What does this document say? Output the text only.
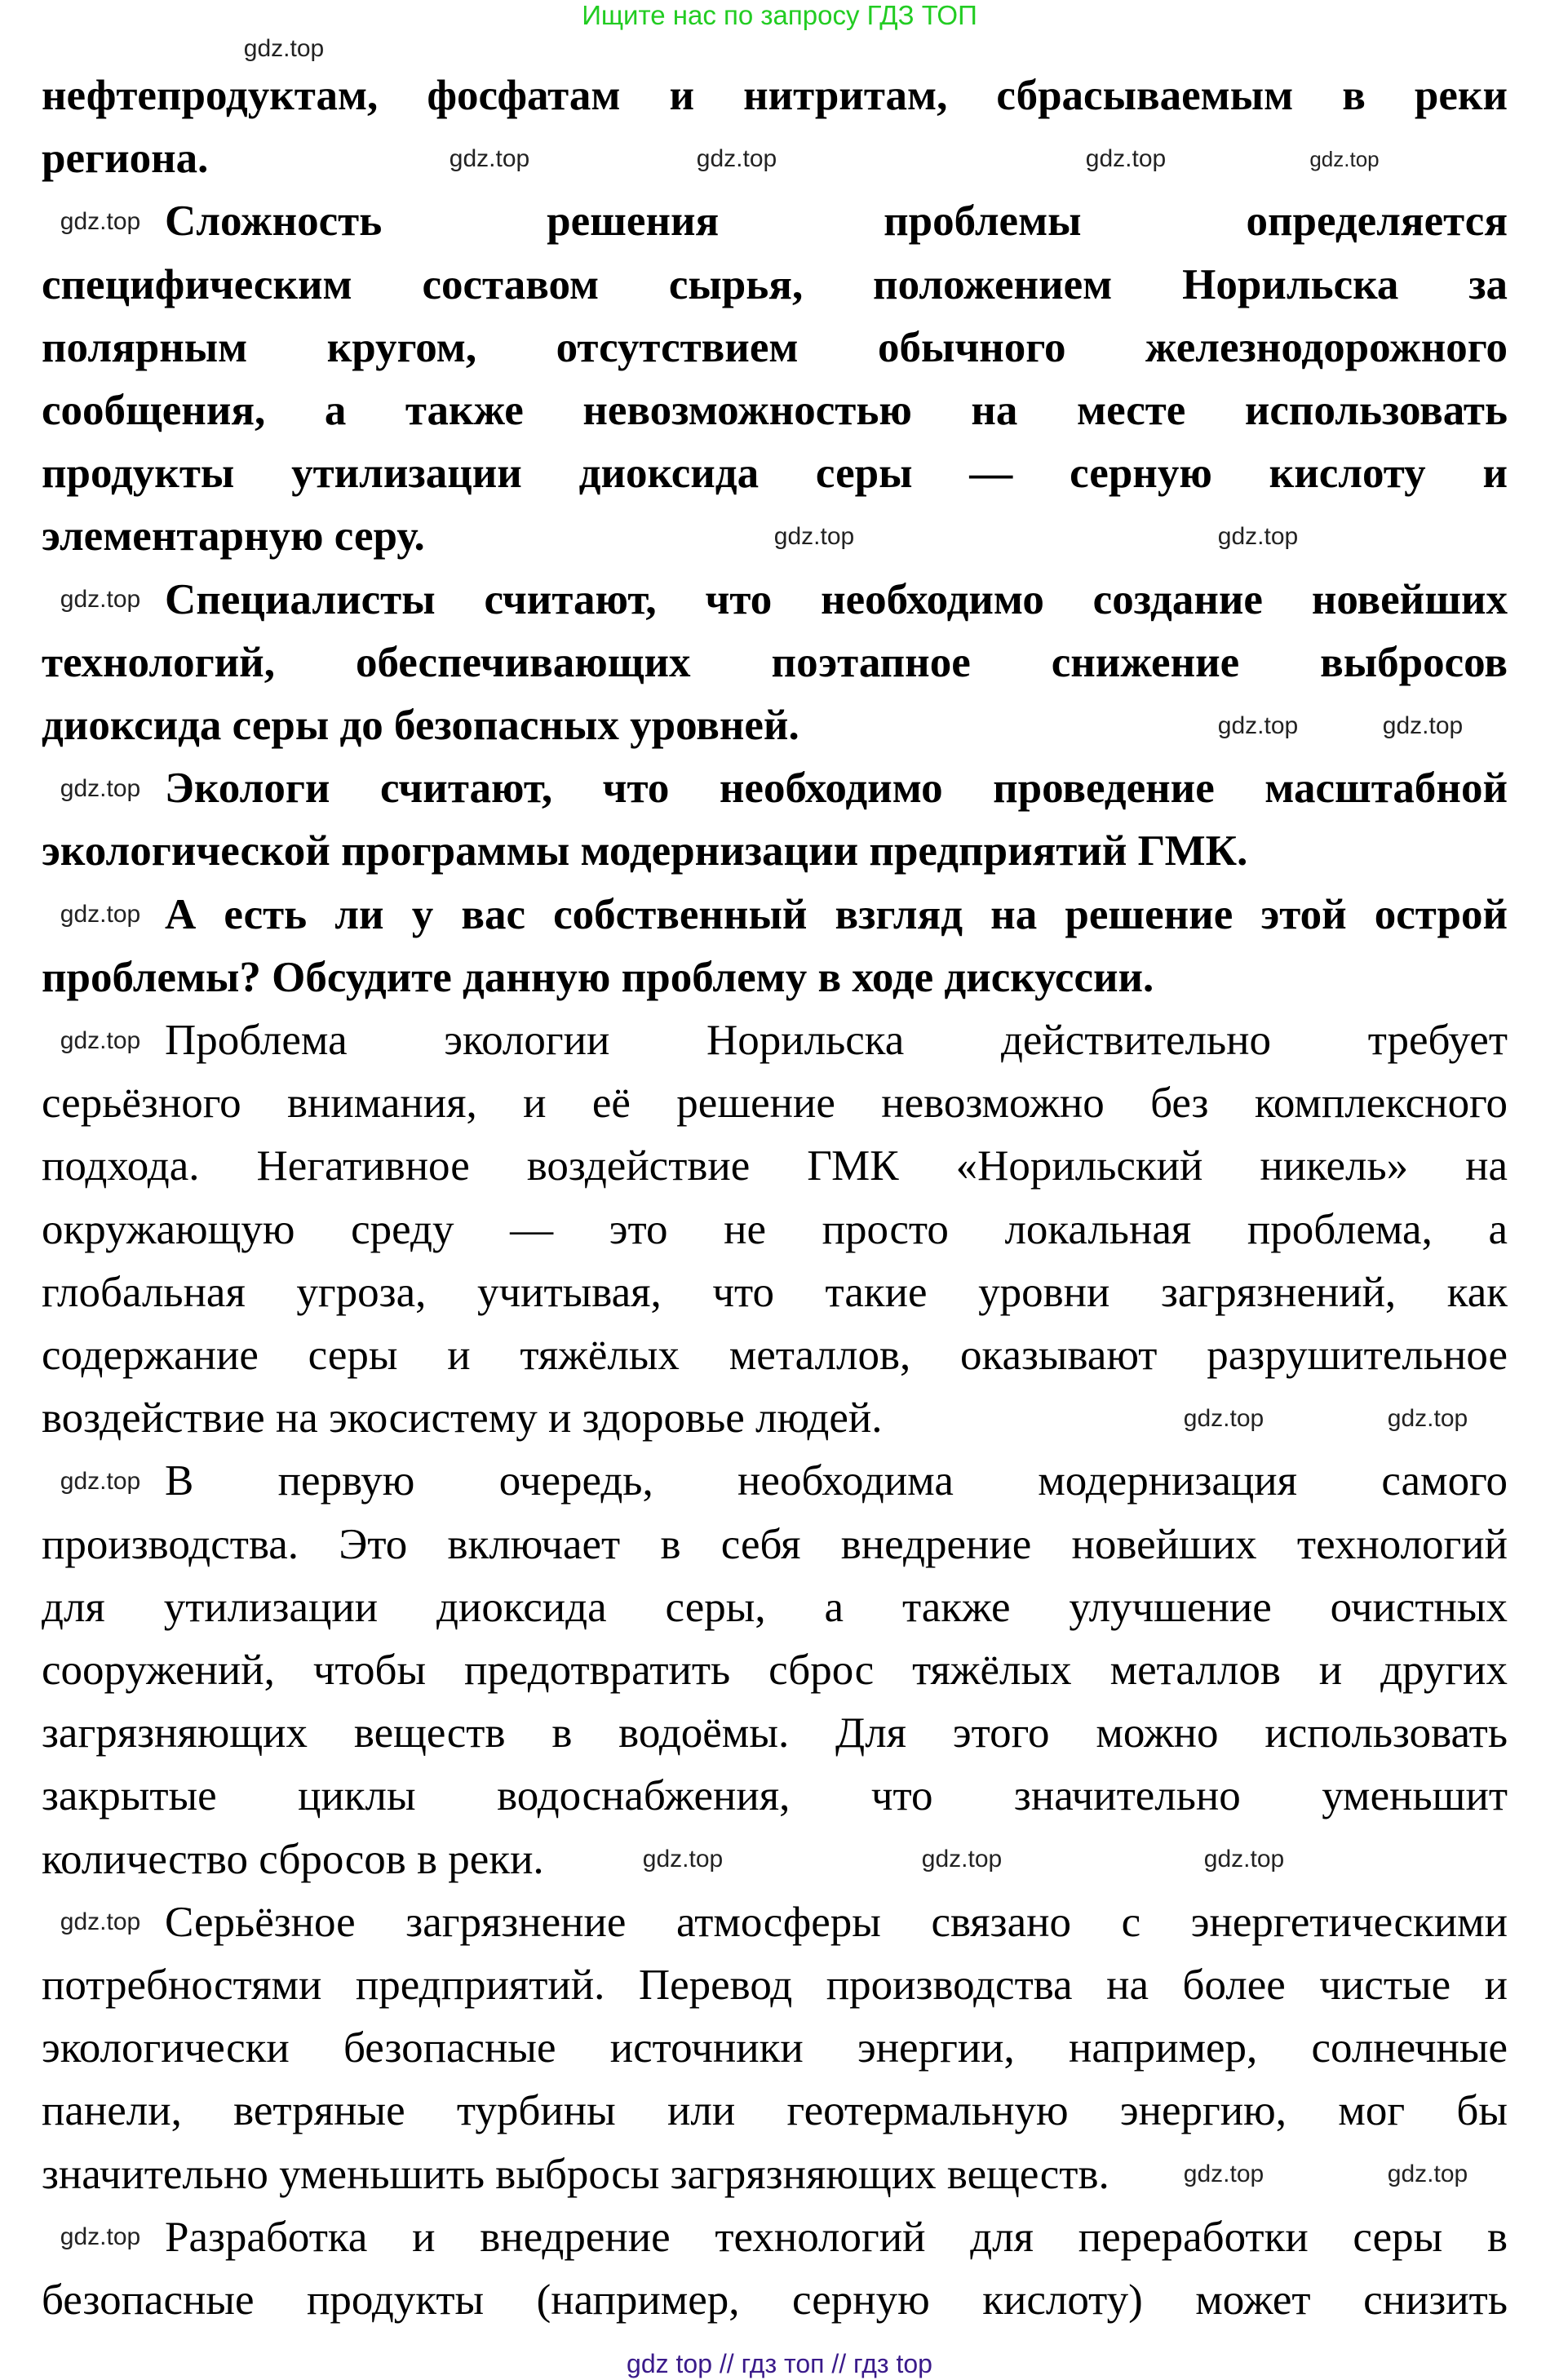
Ищите нас по запросу ГДЗ ТОП
нефтепродуктам, фосфатам и нитритам, сбрасываемым в реки
региона.
Сложность решения проблемы определяется
специфическим составом сырья, положением Норильска за
полярным кругом, отсутствием обычного железнодорожного
сообщения, а также невозможностью на месте использовать
продукты утилизации диоксида серы — серную кислоту и
элементарную серу.
Специалисты считают, что необходимо создание новейших
технологий, обеспечивающих поэтапное снижение выбросов
диоксида серы до безопасных уровней.
Экологи считают, что необходимо проведение масштабной
экологической программы модернизации предприятий ГМК.
А есть ли у вас собственный взгляд на решение этой острой
проблемы? Обсудите данную проблему в ходе дискуссии.
Проблема экологии Норильска действительно требует
серьёзного внимания, и её решение невозможно без комплексного
подхода. Негативное воздействие ГМК «Норильский никель» на
окружающую среду — это не просто локальная проблема, а
глобальная угроза, учитывая, что такие уровни загрязнений, как
содержание серы и тяжёлых металлов, оказывают разрушительное
воздействие на экосистему и здоровье людей.
В первую очередь, необходима модернизация самого
производства. Это включает в себя внедрение новейших технологий
для утилизации диоксида серы, а также улучшение очистных
сооружений, чтобы предотвратить сброс тяжёлых металлов и других
загрязняющих веществ в водоёмы. Для этого можно использовать
закрытые циклы водоснабжения, что значительно уменьшит
количество сбросов в реки.
Серьёзное загрязнение атмосферы связано с энергетическими
потребностями предприятий. Перевод производства на более чистые и
экологически безопасные источники энергии, например, солнечные
панели, ветряные турбины или геотермальную энергию, мог бы
значительно уменьшить выбросы загрязняющих веществ.
Разработка и внедрение технологий для переработки серы в
безопасные продукты (например, серную кислоту) может снизить
gdz.top
gdz.top	gdz.top	gdz.top	gdz.top
gdz.top
gdz.top	gdz.top
gdz.top
gdz.top	gdz.top
gdz.top
gdz.top
gdz.top
gdz.top	gdz.top
gdz.top
gdz.top	gdz.top	gdz.top
gdz.top
gdz.top	gdz.top
gdz.top
gdz top // гдз топ // гдз top
